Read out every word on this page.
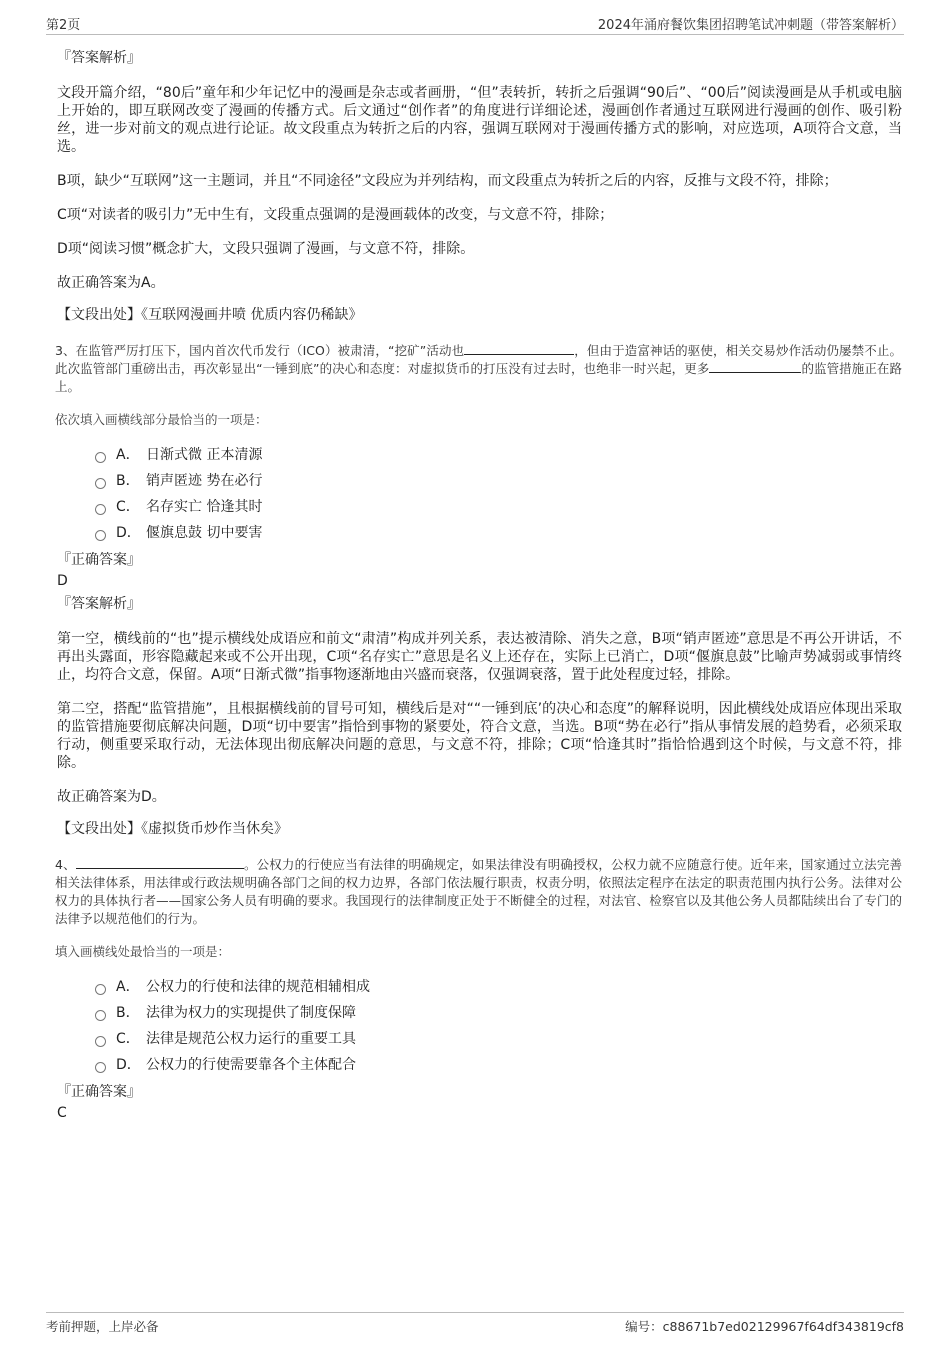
第2页	2024年涌府餐饮集团招聘笔试冲刺题（带答案解析）
『答案解析』

文段开篇介绍，“80后”童年和少年记忆中的漫画是杂志或者画册，“但”表转折，转折之后强调“90后”、“00后”阅读漫画是从手机或电脑上开始的，即互联网改变了漫画的传播方式。后文通过“创作者”的角度进行详细论述，漫画创作者通过互联网进行漫画的创作、吸引粉丝，进一步对前文的观点进行论证。故文段重点为转折之后的内容，强调互联网对于漫画传播方式的影响，对应选项，A项符合文意，当选。

B项，缺少“互联网”这一主题词，并且“不同途径”文段应为并列结构，而文段重点为转折之后的内容，反推与文段不符，排除；

C项“对读者的吸引力”无中生有，文段重点强调的是漫画载体的改变，与文意不符，排除；

D项“阅读习惯”概念扩大，文段只强调了漫画，与文意不符，排除。

故正确答案为A。

【文段出处】《互联网漫画井喷 优质内容仍稀缺》

3、在监管严厉打压下，国内首次代币发行（ICO）被肃清，“挖矿”活动也	，但由于造富神话的驱使，相关交易炒作活动仍屡禁不止。此次监管部门重磅出击，再次彰显出“一锤到底”的决心和态度：对虚拟货币的打压没有过去时，也绝非一时兴起，更多	的监管措施正在路上。

依次填入画横线部分最恰当的一项是：
A． 日渐式微 正本清源
B． 销声匿迹 势在必行
C． 名存实亡 恰逢其时
D． 偃旗息鼓 切中要害
『正确答案』
D
『答案解析』

第一空，横线前的“也”提示横线处成语应和前文“肃清”构成并列关系，表达被清除、消失之意，B项“销声匿迹”意思是不再公开讲话，不再出头露面，形容隐藏起来或不公开出现，C项“名存实亡”意思是名义上还存在，实际上已消亡，D项“偃旗息鼓”比喻声势减弱或事情终止，均符合文意，保留。A项“日渐式微”指事物逐渐地由兴盛而衰落，仅强调衰落，置于此处程度过轻，排除。

第二空，搭配“监管措施”，且根据横线前的冒号可知，横线后是对““一锤到底’的决心和态度”的解释说明，因此横线处成语应体现出采取的监管措施要彻底解决问题，D项“切中要害”指恰到事物的紧要处，符合文意，当选。B项“势在必行”指从事情发展的趋势看，必须采取行动，侧重要采取行动，无法体现出彻底解决问题的意思，与文意不符，排除；C项“恰逢其时”指恰恰遇到这个时候，与文意不符，排除。

故正确答案为D。

【文段出处】《虚拟货币炒作当休矣》

4、	。公权力的行使应当有法律的明确规定，如果法律没有明确授权，公权力就不应随意行使。近年来，国家通过立法完善相关法律体系，用法律或行政法规明确各部门之间的权力边界，各部门依法履行职责，权责分明，依照法定程序在法定的职责范围内执行公务。法律对公权力的具体执行者——国家公务人员有明确的要求。我国现行的法律制度正处于不断健全的过程，对法官、检察官以及其他公务人员都陆续出台了专门的法律予以规范他们的行为。

填入画横线处最恰当的一项是：
A． 公权力的行使和法律的规范相辅相成
B． 法律为权力的实现提供了制度保障
C． 法律是规范公权力运行的重要工具
D． 公权力的行使需要靠各个主体配合
『正确答案』
C
考前押题，上岸必备	编号：c88671b7ed02129967f64df343819cf8
